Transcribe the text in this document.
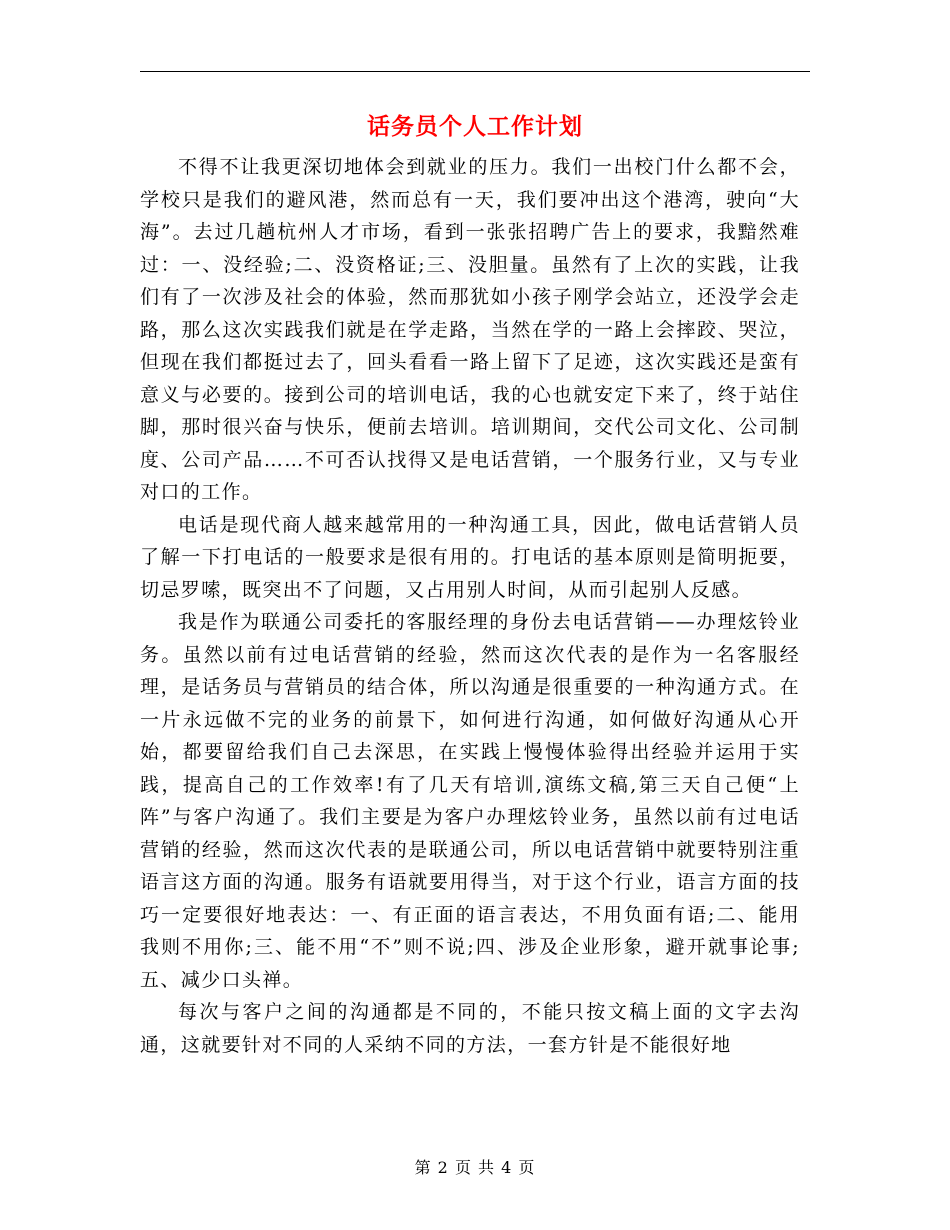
话务员个人工作计划

不得不让我更深切地体会到就业的压力。我们一出校门什么都不会，学校只是我们的避风港，然而总有一天，我们要冲出这个港湾，驶向“大海”。去过几趟杭州人才市场，看到一张张招聘广告上的要求，我黯然难过：一、没经验;二、没资格证;三、没胆量。虽然有了上次的实践，让我们有了一次涉及社会的体验，然而那犹如小孩子刚学会站立，还没学会走路，那么这次实践我们就是在学走路，当然在学的一路上会摔跤、哭泣，但现在我们都挺过去了，回头看看一路上留下了足迹，这次实践还是蛮有意义与必要的。接到公司的培训电话，我的心也就安定下来了，终于站住脚，那时很兴奋与快乐，便前去培训。培训期间，交代公司文化、公司制度、公司产品……不可否认找得又是电话营销，一个服务行业，又与专业对口的工作。

电话是现代商人越来越常用的一种沟通工具，因此，做电话营销人员了解一下打电话的一般要求是很有用的。打电话的基本原则是简明扼要，切忌罗嗦，既突出不了问题，又占用别人时间，从而引起别人反感。

我是作为联通公司委托的客服经理的身份去电话营销——办理炫铃业务。虽然以前有过电话营销的经验，然而这次代表的是作为一名客服经理，是话务员与营销员的结合体，所以沟通是很重要的一种沟通方式。在一片永远做不完的业务的前景下，如何进行沟通，如何做好沟通从心开始，都要留给我们自己去深思，在实践上慢慢体验得出经验并运用于实践，提高自己的工作效率!有了几天有培训,演练文稿,第三天自己便“上阵”与客户沟通了。我们主要是为客户办理炫铃业务，虽然以前有过电话营销的经验，然而这次代表的是联通公司，所以电话营销中就要特别注重语言这方面的沟通。服务有语就要用得当，对于这个行业，语言方面的技巧一定要很好地表达：一、有正面的语言表达，不用负面有语;二、能用我则不用你;三、能不用“不”则不说;四、涉及企业形象，避开就事论事;五、减少口头禅。

每次与客户之间的沟通都是不同的，不能只按文稿上面的文字去沟通，这就要针对不同的人采纳不同的方法，一套方针是不能很好地

第 2 页 共 4 页
